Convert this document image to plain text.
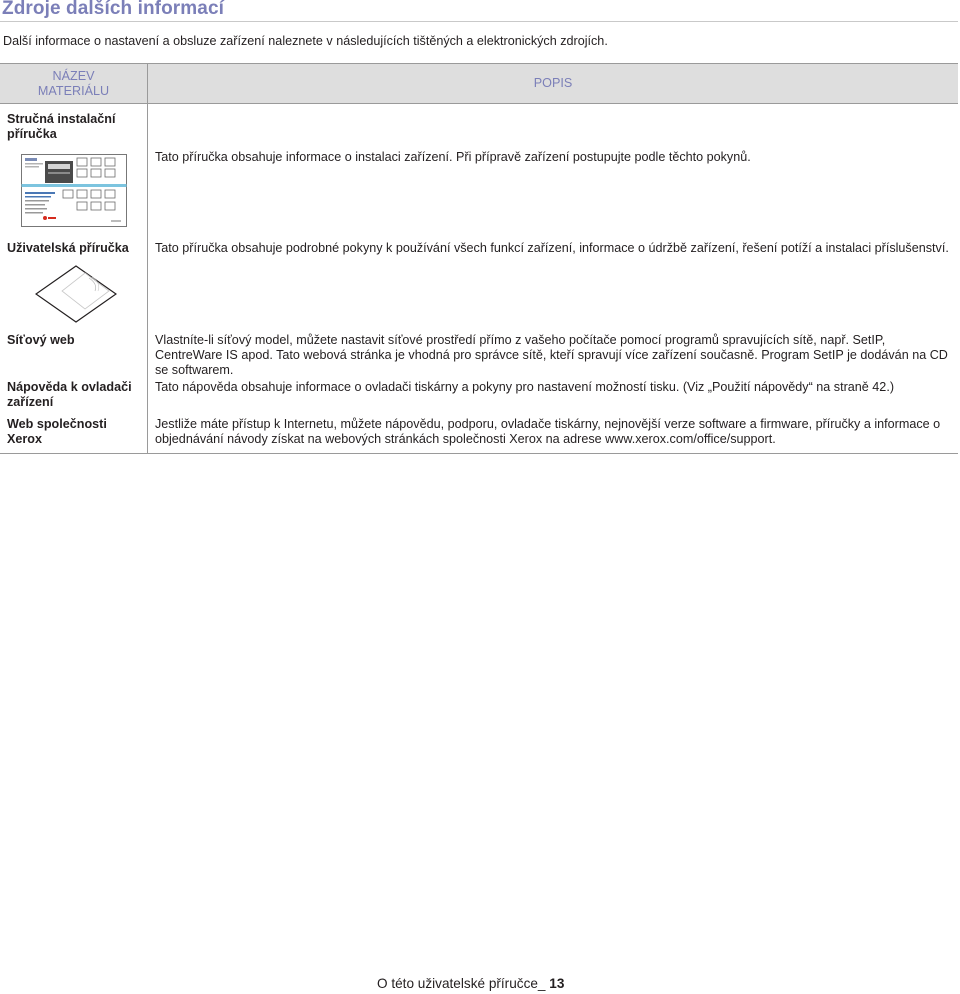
Zdroje dalších informací
Další informace o nastavení a obsluze zařízení naleznete v následujících tištěných a elektronických zdrojích.
NÁZEV
MATERIÁLU	POPIS

Stručná instalační příručka	Tato příručka obsahuje informace o instalaci zařízení. Při přípravě zařízení postupujte podle těchto pokynů.

Uživatelská příručka	Tato příručka obsahuje podrobné pokyny k používání všech funkcí zařízení, informace o údržbě zařízení, řešení potíží a instalaci příslušenství.
Síťový web	Vlastníte-li síťový model, můžete nastavit síťové prostředí přímo z vašeho počítače pomocí programů spravujících sítě, např. SetIP, CentreWare IS apod. Tato webová stránka je vhodná pro správce sítě, kteří spravují více zařízení současně. Program SetIP je dodáván na CD se softwarem.
Nápověda k ovladači zařízení	Tato nápověda obsahuje informace o ovladači tiskárny a pokyny pro nastavení možností tisku. (Viz „Použití nápovědy“ na straně 42.)
Web společnosti Xerox	Jestliže máte přístup k Internetu, můžete nápovědu, podporu, ovladače tiskárny, nejnovější verze software a firmware, příručky a informace o objednávání návody získat na webových stránkách společnosti Xerox na adrese www.xerox.com/office/support.
O této uživatelské příručce_ 13
